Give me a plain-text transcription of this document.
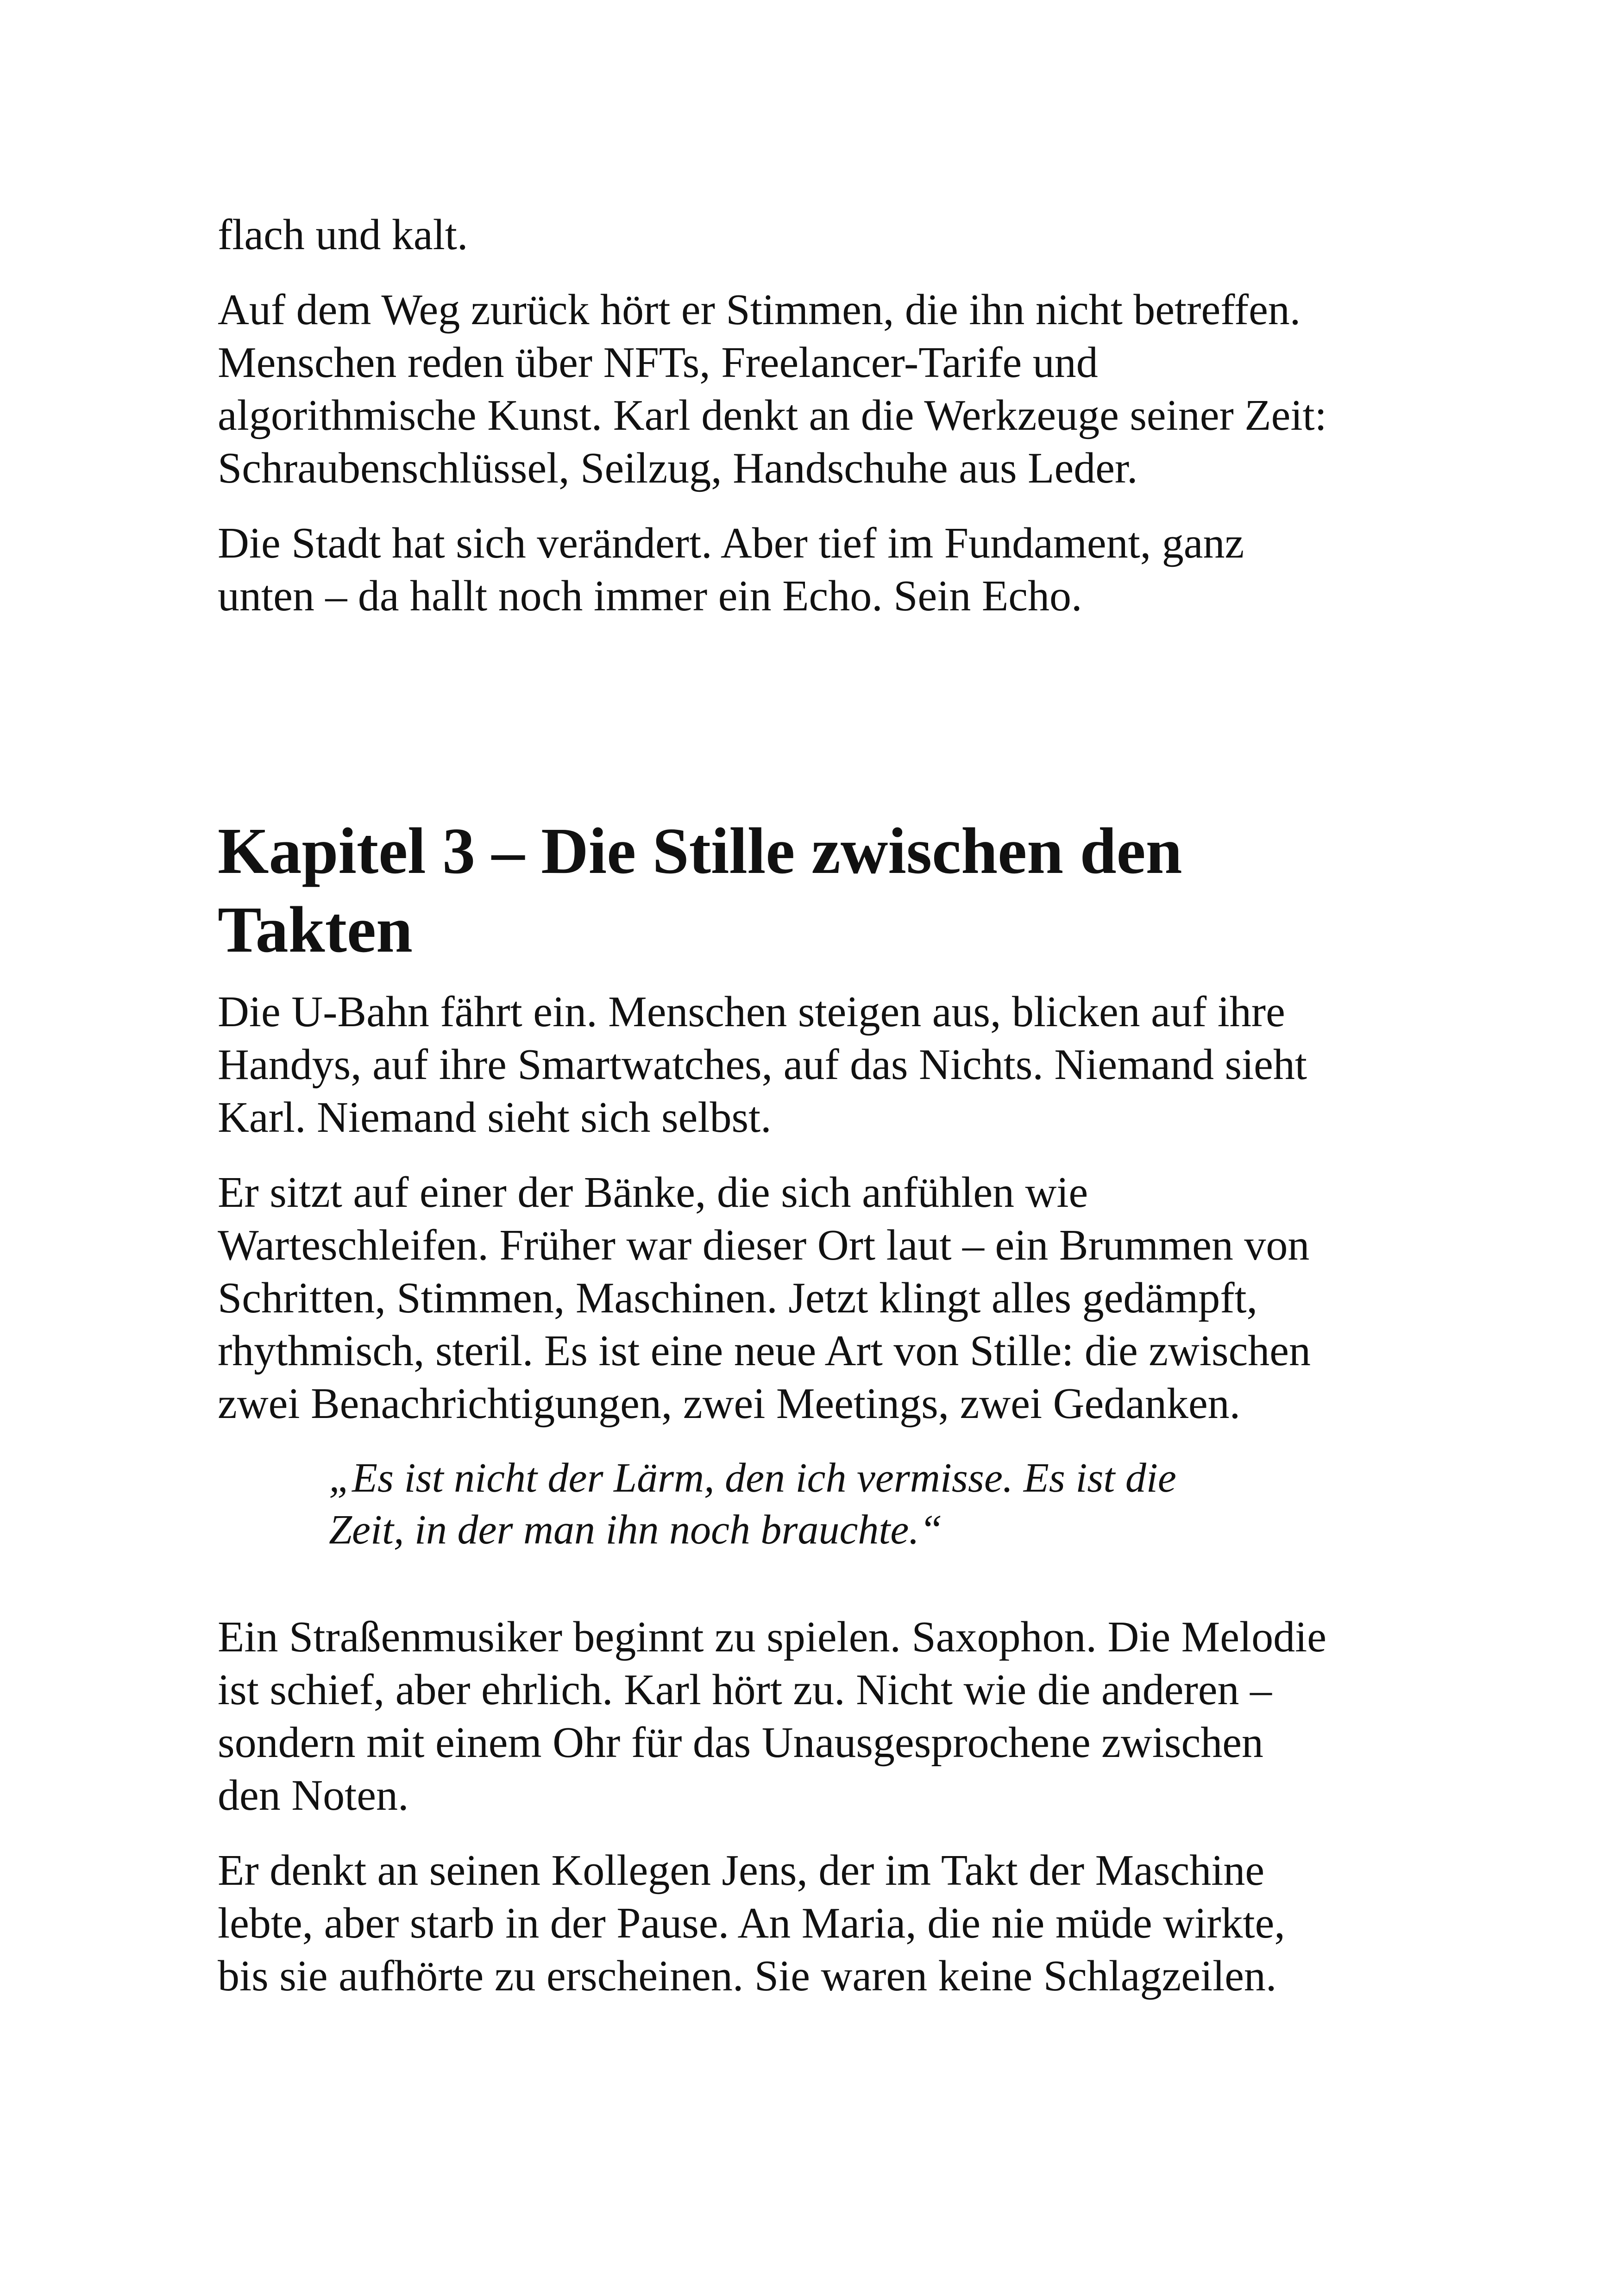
flach und kalt.

Auf dem Weg zurück hört er Stimmen, die ihn nicht betreffen.
Menschen reden über NFTs, Freelancer-Tarife und
algorithmische Kunst. Karl denkt an die Werkzeuge seiner Zeit:
Schraubenschlüssel, Seilzug, Handschuhe aus Leder.

Die Stadt hat sich verändert. Aber tief im Fundament, ganz
unten – da hallt noch immer ein Echo. Sein Echo.

Kapitel 3 – Die Stille zwischen den
Takten

Die U-Bahn fährt ein. Menschen steigen aus, blicken auf ihre
Handys, auf ihre Smartwatches, auf das Nichts. Niemand sieht
Karl. Niemand sieht sich selbst.

Er sitzt auf einer der Bänke, die sich anfühlen wie
Warteschleifen. Früher war dieser Ort laut – ein Brummen von
Schritten, Stimmen, Maschinen. Jetzt klingt alles gedämpft,
rhythmisch, steril. Es ist eine neue Art von Stille: die zwischen
zwei Benachrichtigungen, zwei Meetings, zwei Gedanken.

„Es ist nicht der Lärm, den ich vermisse. Es ist die
Zeit, in der man ihn noch brauchte.“

Ein Straßenmusiker beginnt zu spielen. Saxophon. Die Melodie
ist schief, aber ehrlich. Karl hört zu. Nicht wie die anderen –
sondern mit einem Ohr für das Unausgesprochene zwischen
den Noten.

Er denkt an seinen Kollegen Jens, der im Takt der Maschine
lebte, aber starb in der Pause. An Maria, die nie müde wirkte,
bis sie aufhörte zu erscheinen. Sie waren keine Schlagzeilen.
